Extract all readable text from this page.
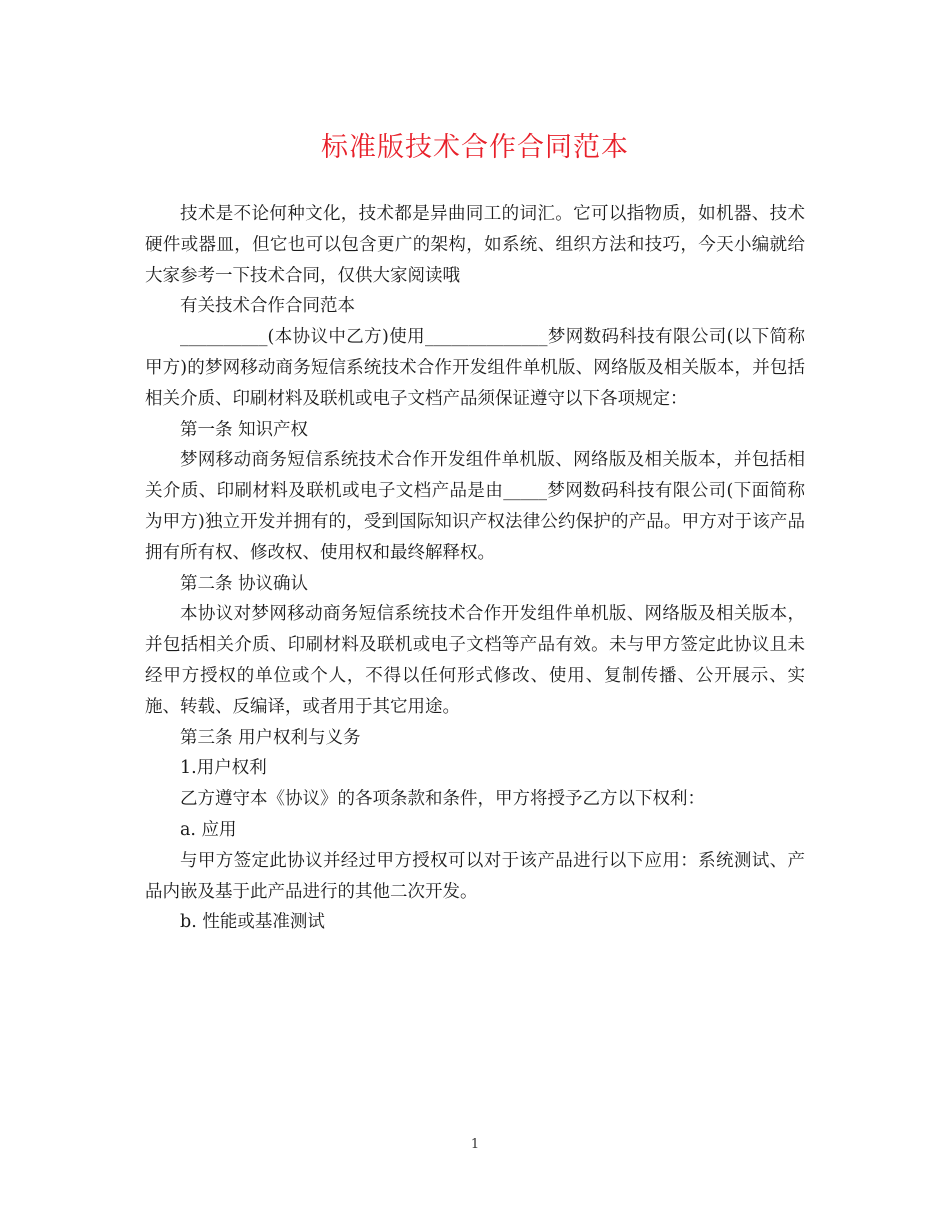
标准版技术合作合同范本

技术是不论何种文化，技术都是异曲同工的词汇。它可以指物质，如机器、技术硬件或器皿，但它也可以包含更广的架构，如系统、组织方法和技巧，今天小编就给大家参考一下技术合同，仅供大家阅读哦

有关技术合作合同范本

__________(本协议中乙方)使用______________梦网数码科技有限公司(以下简称甲方)的梦网移动商务短信系统技术合作开发组件单机版、网络版及相关版本，并包括相关介质、印刷材料及联机或电子文档产品须保证遵守以下各项规定：

第一条 知识产权

梦网移动商务短信系统技术合作开发组件单机版、网络版及相关版本，并包括相关介质、印刷材料及联机或电子文档产品是由_____梦网数码科技有限公司(下面简称为甲方)独立开发并拥有的，受到国际知识产权法律公约保护的产品。甲方对于该产品拥有所有权、修改权、使用权和最终解释权。

第二条 协议确认

本协议对梦网移动商务短信系统技术合作开发组件单机版、网络版及相关版本，并包括相关介质、印刷材料及联机或电子文档等产品有效。未与甲方签定此协议且未经甲方授权的单位或个人，不得以任何形式修改、使用、复制传播、公开展示、实施、转载、反编译，或者用于其它用途。

第三条 用户权利与义务

1.用户权利

乙方遵守本《协议》的各项条款和条件，甲方将授予乙方以下权利：

a. 应用

与甲方签定此协议并经过甲方授权可以对于该产品进行以下应用：系统测试、产品内嵌及基于此产品进行的其他二次开发。

b. 性能或基准测试

1
